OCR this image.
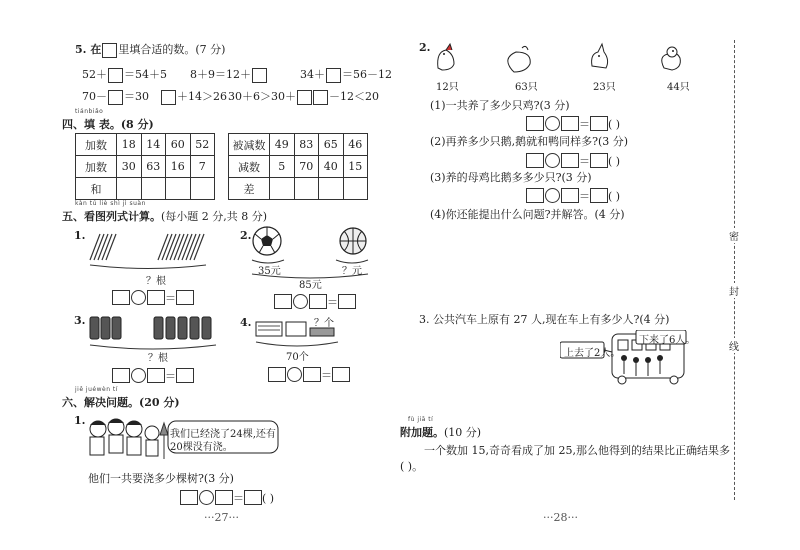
5. 在 里填合适的数。(7 分)
52＋ ＝54＋5 8＋9＝12＋	34＋ ＝56－12
70－ ＝30	＋14＞26 30＋6＞30＋	－12＜20
tiánbiǎo
四、填 表。(8 分)
加数	18	14	60	52
加数	30	63	16	7
和				
被减数	49	83	65	46
减数	5	70	40	15
差				
kàn tú liè shì jì suàn
五、看图列式计算。(每小题 2 分,共 8 分)
1.
？根
＝
2.
35元	？元
85元
＝
3.
？根
＝
4.	？个
70个
＝
jiě juéwèn tí
六、解决问题。(20 分)
1.
我们已经浇了24棵,还有
20棵没有浇。
他们一共要浇多少棵树?(3 分)
＝ ( )
···27···
2.
12只	63只	23只	44只
(1)一共养了多少只鸡?(3 分)
＝ ( )
(2)再养多少只鹅,鹅就和鸭同样多?(3 分)
＝ ( )
(3)养的母鸡比鹅多多少只?(3 分)
＝ ( )
(4)你还能提出什么问题?并解答。(4 分)
3. 公共汽车上原有 27 人,现在车上有多少人?(4 分)
上去了2人。
下来了6人。
fù jiā tí
附加题。(10 分)
一个数加 15,奇奇看成了加 25,那么他得到的结果比正确结果多
( )。
···28···
密
封
线
